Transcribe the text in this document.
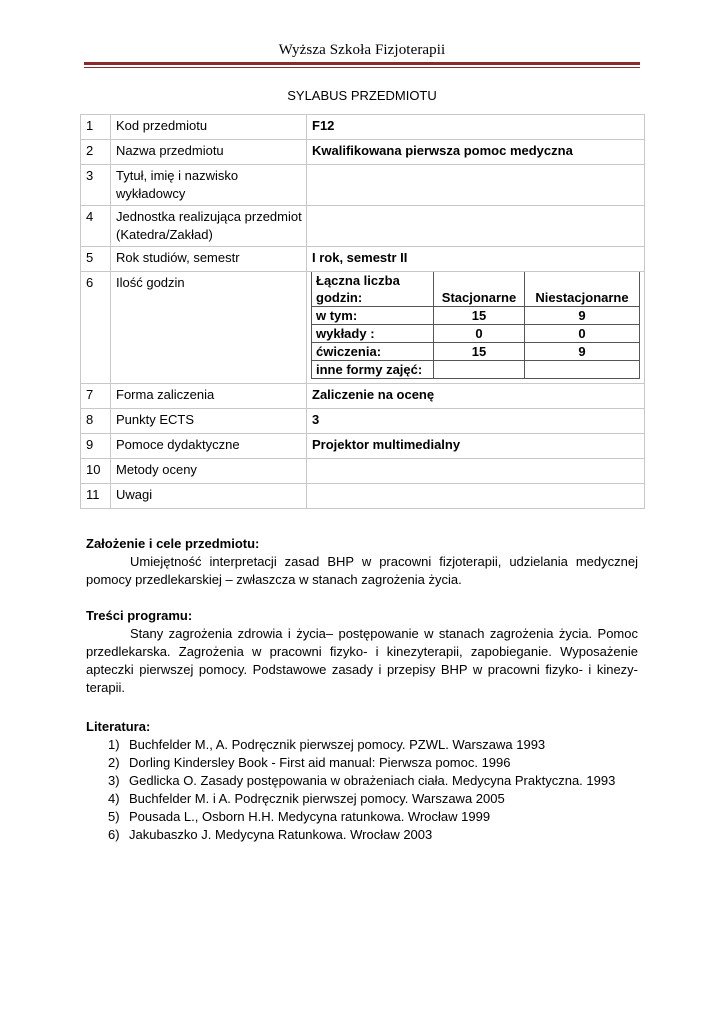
Wyższa Szkoła Fizjoterapii
SYLABUS PRZEDMIOTU
1	Kod przedmiotu	F12
2	Nazwa przedmiotu	Kwalifikowana pierwsza pomoc medyczna
3	Tytuł, imię i nazwisko wykładowcy	
4	Jednostka realizująca przedmiot (Katedra/Zakład)	
5	Rok studiów, semestr	I rok, semestr II
6	Ilość godzin		Łączna liczba godzin:	Stacjonarne	Niestacjonarne
w tym:	15	9
wykłady :	0	0
ćwiczenia:	15	9
inne formy zajęć:		

7	Forma zaliczenia	Zaliczenie na ocenę
8	Punkty ECTS	3
9	Pomoce dydaktyczne	Projektor multimedialny
10	Metody oceny	
11	Uwagi	
Założenie i cele przedmiotu:

Umiejętność interpretacji zasad BHP w pracowni fizjoterapii, udzielania medycznej pomocy przedlekarskiej – zwłaszcza w stanach zagrożenia życia.

Treści programu:

Stany zagrożenia zdrowia i życia– postępowanie w stanach zagrożenia życia. Pomoc przedlekarska. Zagrożenia w pracowni fizyko- i kinezyterapii, zapobieganie. Wyposażenie apteczki pierwszej pomocy. Podstawowe zasady i przepisy BHP w pracowni fizyko- i kinezy-terapii.

Literatura:
1) Buchfelder M., A. Podręcznik pierwszej pomocy. PZWL. Warszawa 1993
2) Dorling Kindersley Book - First aid manual: Pierwsza pomoc. 1996
3) Gedlicka O. Zasady postępowania w obrażeniach ciała. Medycyna Praktyczna. 1993
4) Buchfelder M. i A. Podręcznik pierwszej pomocy. Warszawa 2005
5) Pousada L., Osborn H.H. Medycyna ratunkowa. Wrocław 1999
6) Jakubaszko J. Medycyna Ratunkowa. Wrocław 2003
